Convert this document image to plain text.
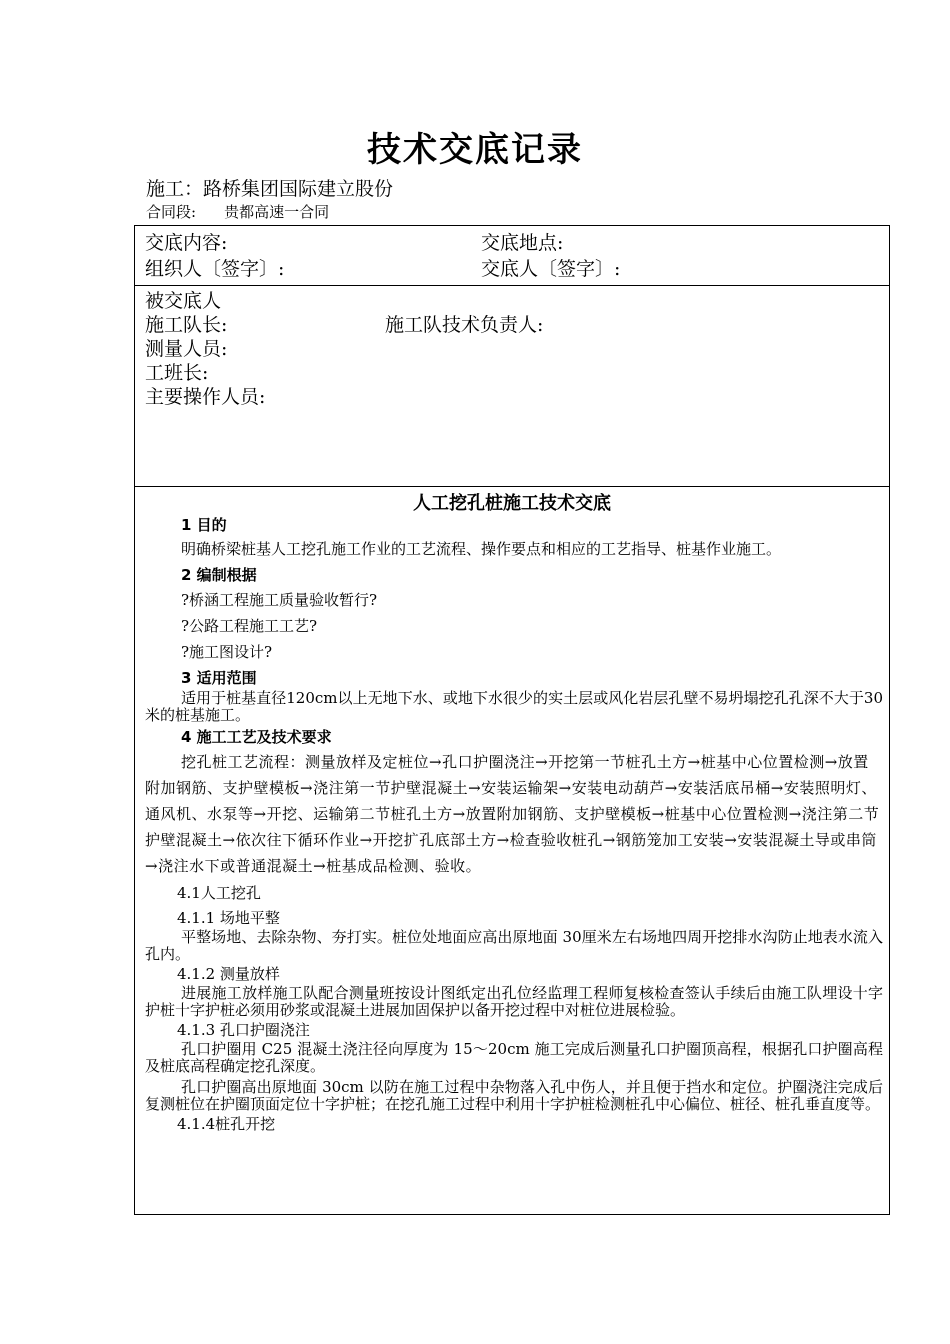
技术交底记录
施工：路桥集团国际建立股份
合同段: 贵都高速一合同
交底内容:	交底地点:
组织人〔签字〕:	交底人〔签字〕:
被交底人
施工队长:	施工队技术负责人:
测量人员:
工班长:
主要操作人员:
人工挖孔桩施工技术交底
1 目的

明确桥梁桩基人工挖孔施工作业的工艺流程、操作要点和相应的工艺指导、桩基作业施工。

2 编制根据

?桥涵工程施工质量验收暂行?

?公路工程施工工艺?

?施工图设计?

3 适用范围

适用于桩基直径120cm以上无地下水、或地下水很少的实土层或风化岩层孔壁不易坍塌挖孔孔深不大于30米的桩基施工。

4 施工工艺及技术要求

挖孔桩工艺流程：测量放样及定桩位→孔口护圈浇注→开挖第一节桩孔土方→桩基中心位置检测→放置附加钢筋、支护壁模板→浇注第一节护壁混凝土→安装运输架→安装电动葫芦→安装活底吊桶→安装照明灯、通风机、水泵等→开挖、运输第二节桩孔土方→放置附加钢筋、支护壁模板→桩基中心位置检测→浇注第二节护壁混凝土→依次往下循环作业→开挖扩孔底部土方→检查验收桩孔→钢筋笼加工安装→安装混凝土导或串筒→浇注水下或普通混凝土→桩基成品检测、验收。

4.1人工挖孔

4.1.1 场地平整

平整场地、去除杂物、夯打实。桩位处地面应高出原地面 30厘米左右场地四周开挖排水沟防止地表水流入孔内。

4.1.2 测量放样

进展施工放样施工队配合测量班按设计图纸定出孔位经监理工程师复核检查签认手续后由施工队埋设十字护桩十字护桩必须用砂浆或混凝土进展加固保护以备开挖过程中对桩位进展检验。

4.1.3 孔口护圈浇注

孔口护圈用 C25 混凝土浇注径向厚度为 15～20cm 施工完成后测量孔口护圈顶高程，根据孔口护圈高程及桩底高程确定挖孔深度。

孔口护圈高出原地面 30cm 以防在施工过程中杂物落入孔中伤人，并且便于挡水和定位。护圈浇注完成后复测桩位在护圈顶面定位十字护桩；在挖孔施工过程中利用十字护桩检测桩孔中心偏位、桩径、桩孔垂直度等。

4.1.4桩孔开挖
